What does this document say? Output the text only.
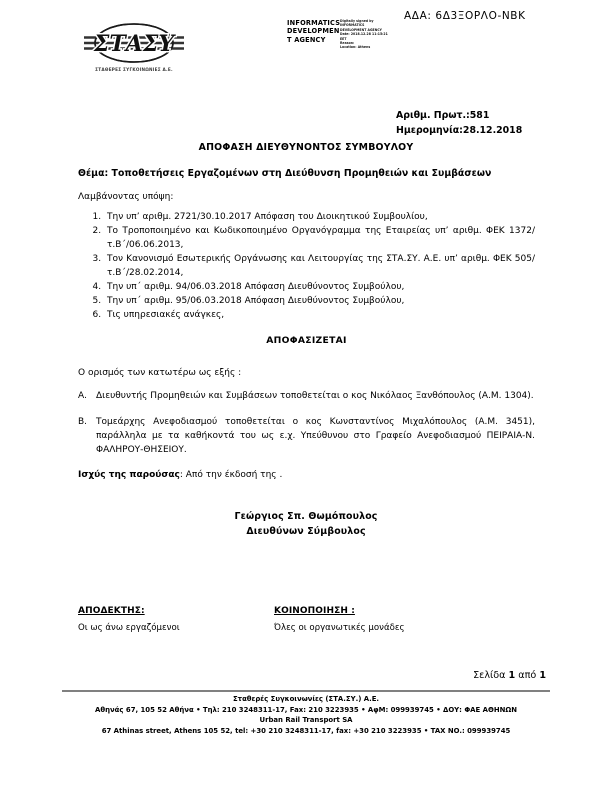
ΑΔΑ: 6Δ3ΞΟΡΛΟ-ΝΒΚ
ΣΤΑΣΥ
ΣΤΑΘΕΡΕΣ ΣΥΓΚΟΙΝΩΝΙΕΣ Α.Ε.
INFORMATICS
DEVELOPMEN
T AGENCY
Digitally signed by
INFORMATICS
DEVELOPMENT AGENCY
Date: 2018.12.28 11:15:21
EET
Reason:
Location: Athens
Αριθμ. Πρωτ.:581
Ημερομηνία:28.12.2018
ΑΠΟΦΑΣΗ ΔΙΕΥΘΥΝΟΝΤΟΣ ΣΥΜΒΟΥΛΟΥ

Θέμα: Τοποθετήσεις Εργαζομένων στη Διεύθυνση Προμηθειών και Συμβάσεων

Λαμβάνοντας υπόψη:

1. Την υπ’ αριθμ. 2721/30.10.2017 Απόφαση του Διοικητικού Συμβουλίου,
2. Το Τροποποιημένο και Κωδικοποιημένο Οργανόγραμμα της Εταιρείας υπ’ αριθμ. ΦΕΚ 1372/τ.Β΄/06.06.2013,
3. Τον Κανονισμό Εσωτερικής Οργάνωσης και Λειτουργίας της ΣΤΑ.ΣΥ. Α.Ε. υπ’ αριθμ. ΦΕΚ 505/τ.Β΄/28.02.2014,
4. Την υπ΄ αριθμ. 94/06.03.2018 Απόφαση Διευθύνοντος Συμβούλου,
5. Την υπ΄ αριθμ. 95/06.03.2018 Απόφαση Διευθύνοντος Συμβούλου,
6. Τις υπηρεσιακές ανάγκες,

ΑΠΟΦΑΣΙΖΕΤΑΙ

Ο ορισμός των κατωτέρω ως εξής :

Α. Διευθυντής Προμηθειών και Συμβάσεων τοποθετείται ο κος Νικόλαος Ξανθόπουλος (Α.Μ. 1304).

Β. Τομεάρχης Ανεφοδιασμού τοποθετείται ο κος Κωνσταντίνος Μιχαλόπουλος (Α.Μ. 3451), παράλληλα με τα καθήκοντά του ως ε.χ. Υπεύθυνου στο Γραφείο Ανεφοδιασμού ΠΕΙΡΑΙΑ-Ν. ΦΑΛΗΡΟΥ-ΘΗΣΕΙΟΥ.

Ισχύς της παρούσας: Από την έκδοσή της .

Γεώργιος Σπ. Θωμόπουλος
Διευθύνων Σύμβουλος
ΑΠΟΔΕΚΤΗΣ:
Οι ως άνω εργαζόμενοι
ΚΟΙΝΟΠΟΙΗΣΗ :
Όλες οι οργανωτικές μονάδες
Σελίδα 1 από 1
Σταθερές Συγκοινωνίες (ΣΤΑ.ΣΥ.) Α.Ε.
Αθηνάς 67, 105 52 Αθήνα • Τηλ: 210 3248311-17, Fax: 210 3223935 • ΑφΜ: 099939745 • ΔΟΥ: ΦΑΕ ΑΘΗΝΩΝ
Urban Rail Transport SA
67 Athinas street, Athens 105 52, tel: +30 210 3248311-17, fax: +30 210 3223935 • TAX NO.: 099939745
